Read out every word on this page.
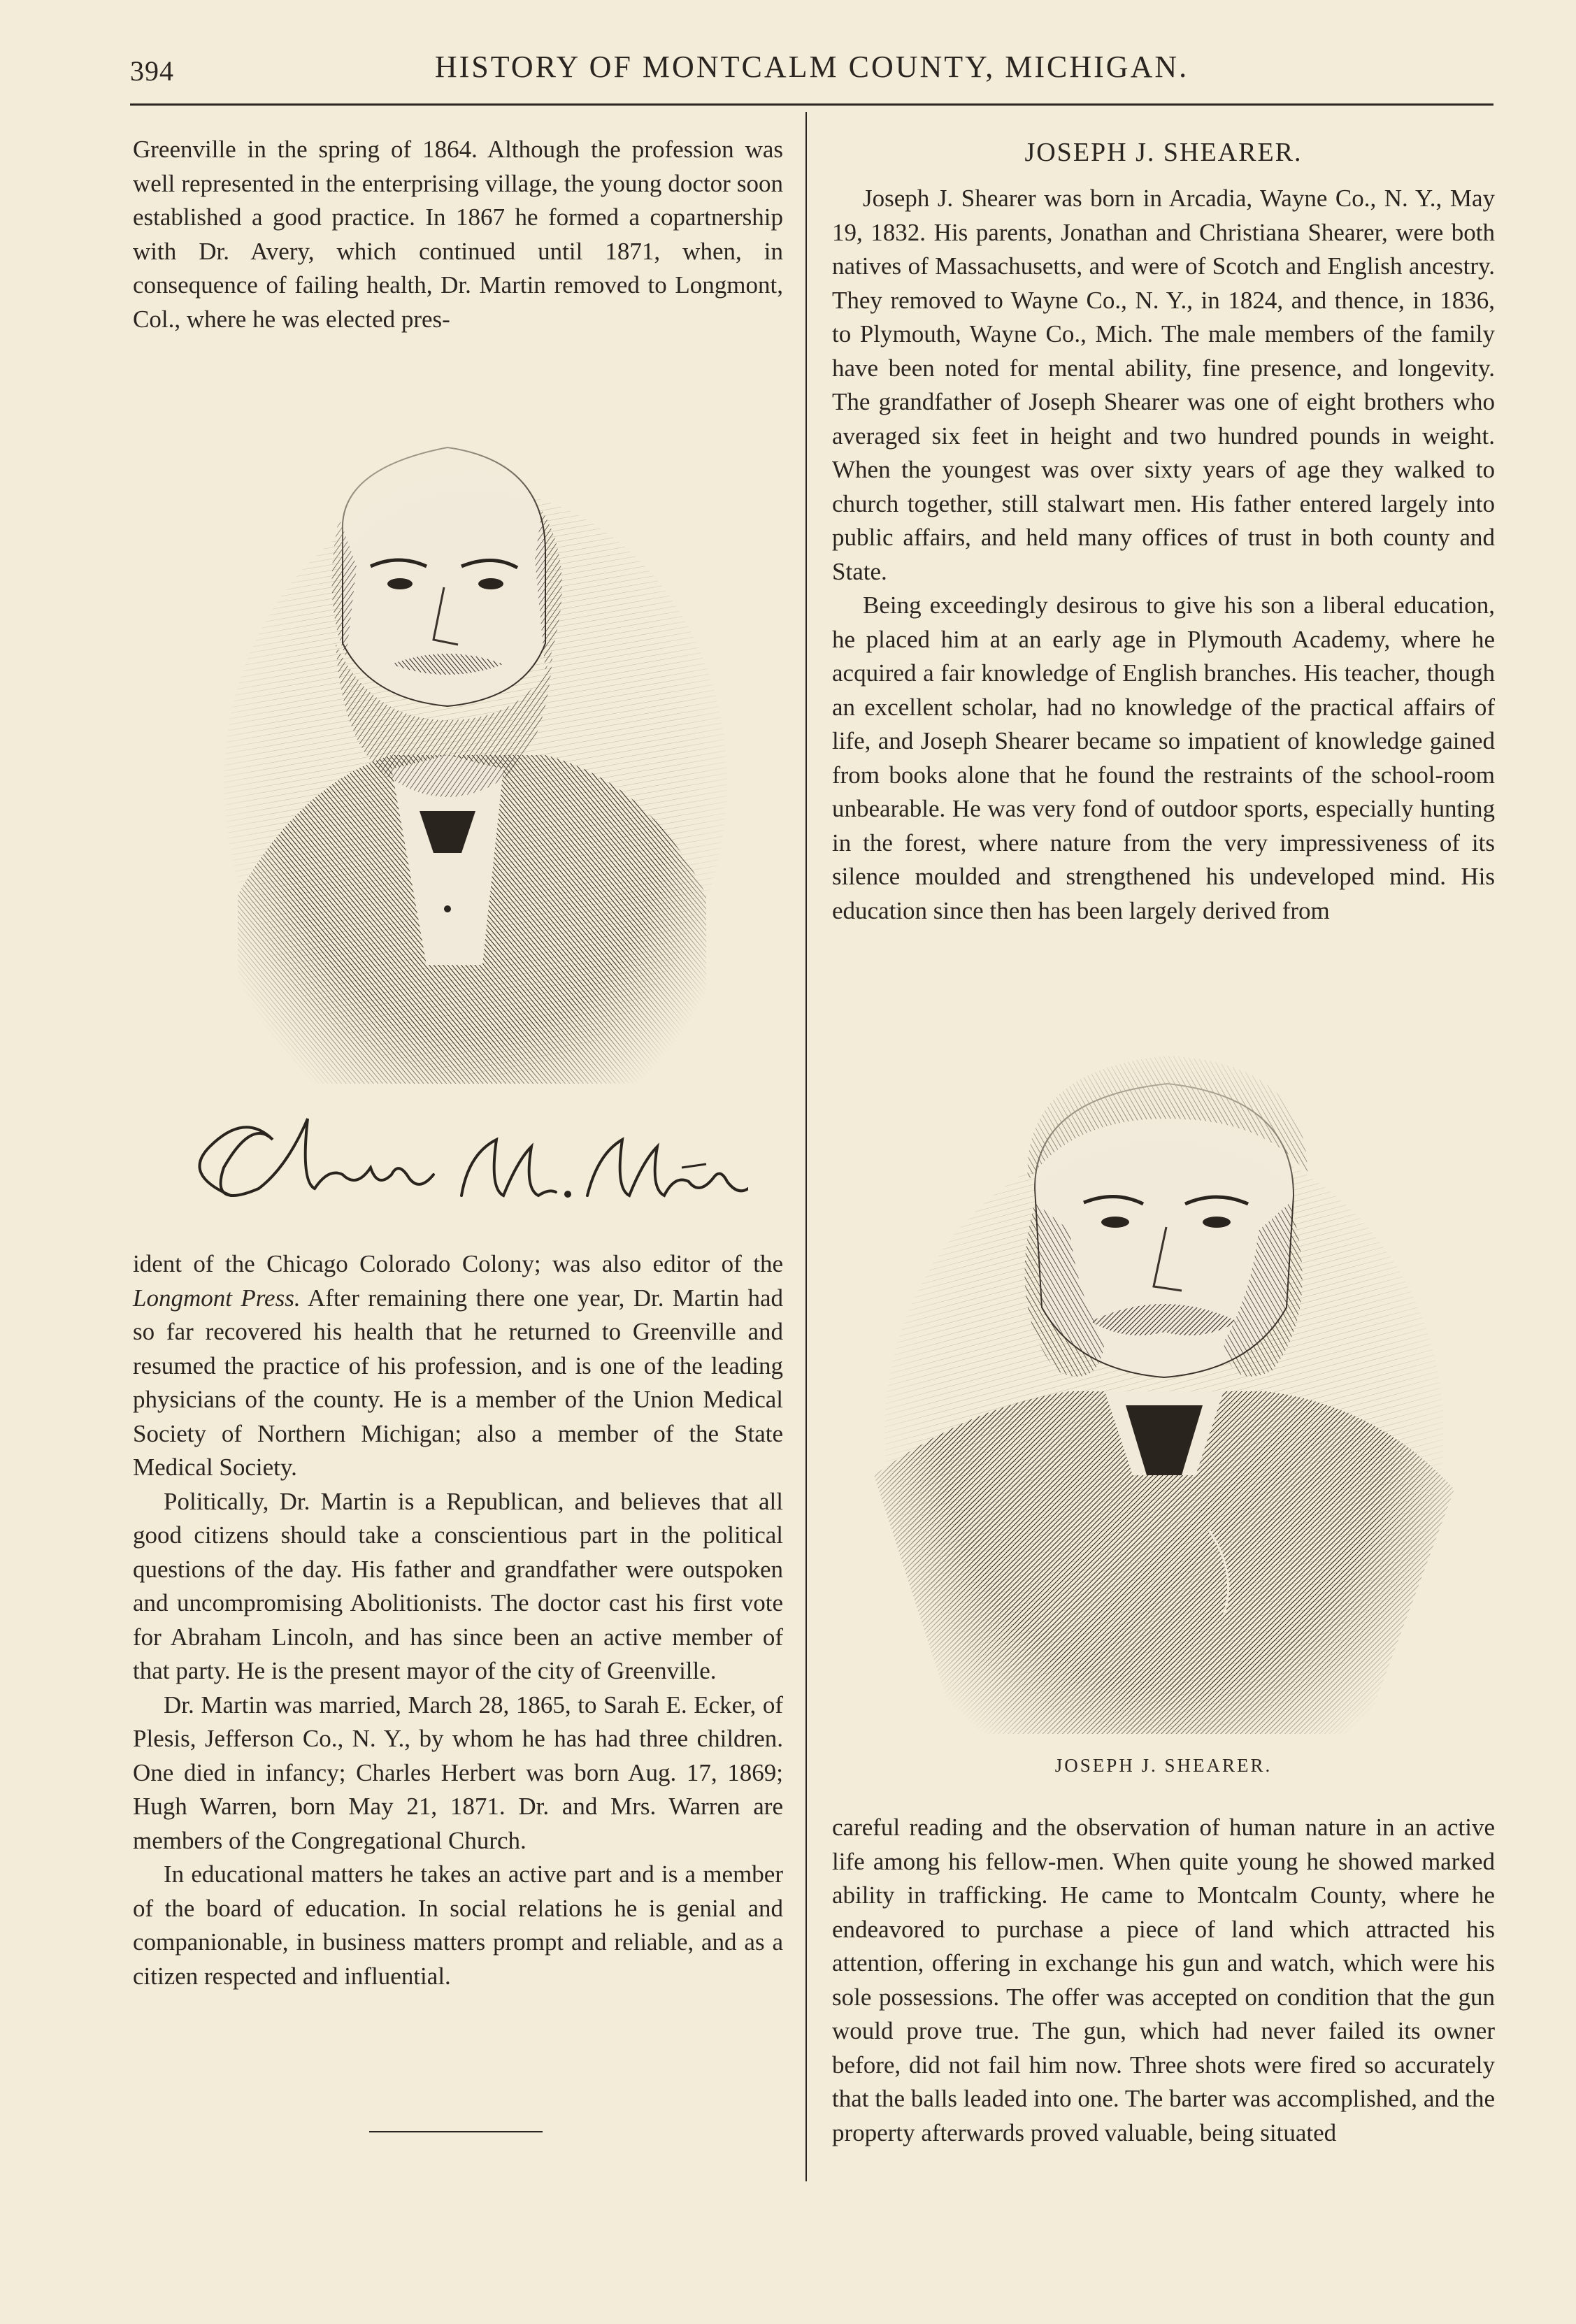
394	HISTORY OF MONTCALM COUNTY, MICHIGAN.

Greenville in the spring of 1864. Although the profession was well represented in the enterprising village, the young doctor soon established a good practice. In 1867 he formed a copartnership with Dr. Avery, which continued until 1871, when, in consequence of failing health, Dr. Martin removed to Longmont, Col., where he was elected pres-

ident of the Chicago Colorado Colony; was also editor of the Longmont Press. After remaining there one year, Dr. Martin had so far recovered his health that he returned to Greenville and resumed the practice of his profession, and is one of the leading physicians of the county. He is a member of the Union Medical Society of Northern Michigan; also a member of the State Medical Society.

Politically, Dr. Martin is a Republican, and believes that all good citizens should take a conscientious part in the political questions of the day. His father and grandfather were outspoken and uncompromising Abolitionists. The doctor cast his first vote for Abraham Lincoln, and has since been an active member of that party. He is the present mayor of the city of Greenville.

Dr. Martin was married, March 28, 1865, to Sarah E. Ecker, of Plesis, Jefferson Co., N. Y., by whom he has had three children. One died in infancy; Charles Herbert was born Aug. 17, 1869; Hugh Warren, born May 21, 1871. Dr. and Mrs. Warren are members of the Congregational Church.

In educational matters he takes an active part and is a member of the board of education. In social relations he is genial and companionable, in business matters prompt and reliable, and as a citizen respected and influential.

JOSEPH J. SHEARER.

Joseph J. Shearer was born in Arcadia, Wayne Co., N. Y., May 19, 1832. His parents, Jonathan and Christiana Shearer, were both natives of Massachusetts, and were of Scotch and English ancestry. They removed to Wayne Co., N. Y., in 1824, and thence, in 1836, to Plymouth, Wayne Co., Mich. The male members of the family have been noted for mental ability, fine presence, and longevity. The grandfather of Joseph Shearer was one of eight brothers who averaged six feet in height and two hundred pounds in weight. When the youngest was over sixty years of age they walked to church together, still stalwart men. His father entered largely into public affairs, and held many offices of trust in both county and State.

Being exceedingly desirous to give his son a liberal education, he placed him at an early age in Plymouth Academy, where he acquired a fair knowledge of English branches. His teacher, though an excellent scholar, had no knowledge of the practical affairs of life, and Joseph Shearer became so impatient of knowledge gained from books alone that he found the restraints of the school-room unbearable. He was very fond of outdoor sports, especially hunting in the forest, where nature from the very impressiveness of its silence moulded and strengthened his undeveloped mind. His education since then has been largely derived from

JOSEPH J. SHEARER.

careful reading and the observation of human nature in an active life among his fellow-men. When quite young he showed marked ability in trafficking. He came to Montcalm County, where he endeavored to purchase a piece of land which attracted his attention, offering in exchange his gun and watch, which were his sole possessions. The offer was accepted on condition that the gun would prove true. The gun, which had never failed its owner before, did not fail him now. Three shots were fired so accurately that the balls leaded into one. The barter was accomplished, and the property afterwards proved valuable, being situated
